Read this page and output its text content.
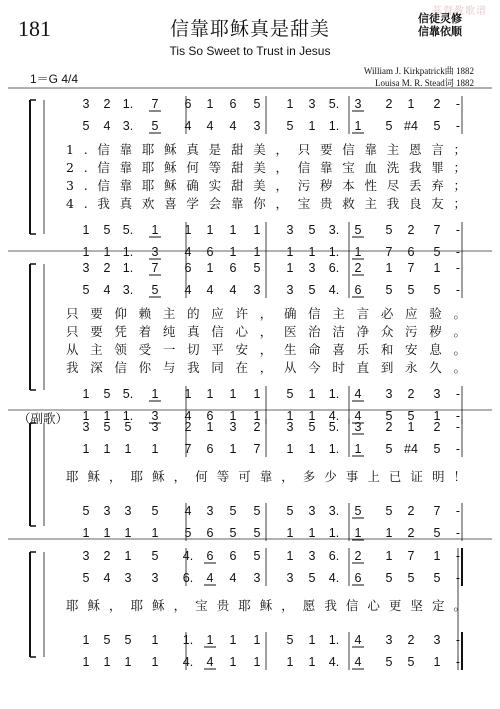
基督教歌谱
181	信靠耶稣真是甜美
Tis So Sweet to Trust in Jesus
信徒灵修
信靠依顺
1＝G 4/4
William J. Kirkpatrick曲 1882
Louisa M. R. Stead词 1882
3 2 1. 7 6 1 6 5 1 3 5. 3 2 1 2 -
5 4 3. 5 4 4 4 3 5 1 1. 1 5 #4 5 -
1 5 5. 1 1 1 1 1 3 5 3. 5 5 2 7 -
1 1 1. 3 4 6 1 1 1 1 1. 1 7 6 5 -
1.信靠耶稣真是甜美，只要信靠主恩言；
2.信靠耶稣何等甜美，信靠宝血洗我罪；
3.信靠耶稣确实甜美，污秽本性尽丢弃；
4.我真欢喜学会靠你，宝贵救主我良友；
3 2 1. 7 6 1 6 5 1 3 6. 2 1 7 1 -
5 4 3. 5 4 4 4 3 3 5 4. 6 5 5 5 -
1 5 5. 1 1 1 1 1 5 1 1. 4 3 2 3 -
1 1 1. 3 4 6 1 1 1 1 4. 4 5 5 1 -
只要仰赖主的应许，确信主言必应验。
只要凭着纯真信心，医治洁净众污秽。
从主领受一切平安，生命喜乐和安息。
我深信你与我同在，从今时直到永久。
3 5 5 3 2 1 3 2 3 5 5. 3 2 1 2 -
1 1 1 1 7 6 1 7 1 1 1. 1 5 #4 5 -
5 3 3 5 4 3 5 5 5 3 3. 5 5 2 7 -
1 1 1 1 5 6 5 5 1 1 1. 1 1 2 5 -
耶稣，耶稣，何等可靠，多少事上已证明！
（副歌）
3 2 1 5 4. 6 6 5 1 3 6. 2 1 7 1 -
5 4 3 3 6. 4 4 3 3 5 4. 6 5 5 5 -
1 5 5 1 1. 1 1 1 5 1 1. 4 3 2 3 -
1 1 1 1 4. 4 1 1 1 1 4. 4 5 5 1 -
耶稣，耶稣，宝贵耶稣，愿我信心更坚定。
